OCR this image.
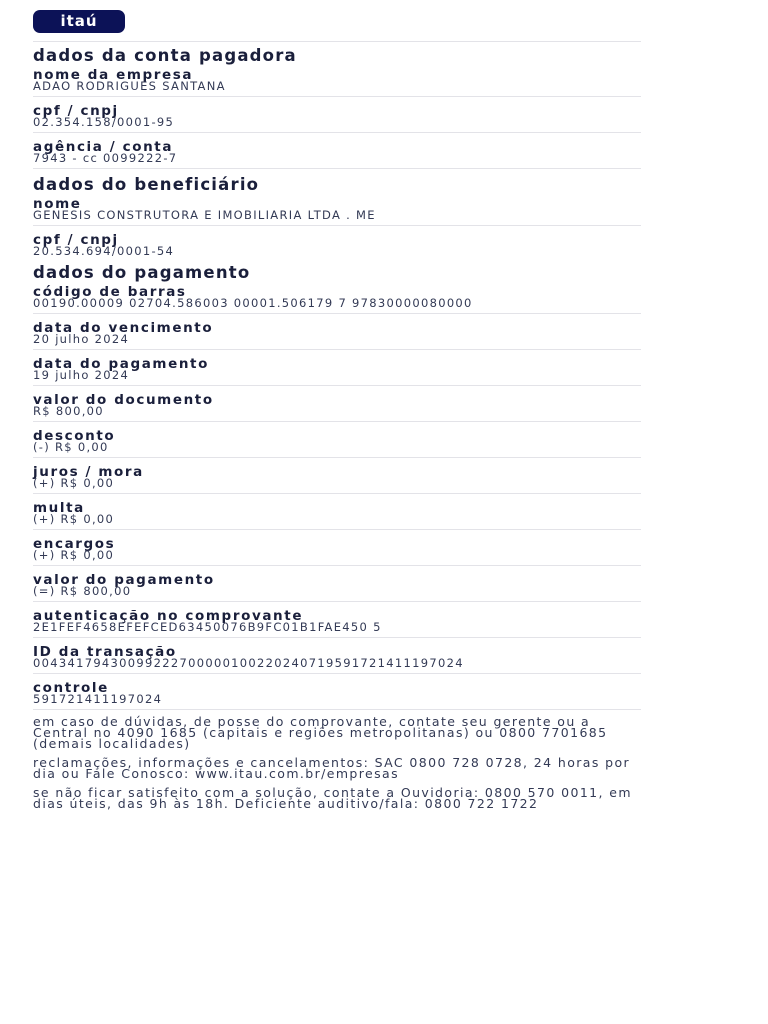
itaú
dados da conta pagadora
nome da empresa
ADAO RODRIGUES SANTANA
cpf / cnpj
02.354.158/0001-95
agência / conta
7943 - cc 0099222-7
dados do beneficiário
nome
GENESIS CONSTRUTORA E IMOBILIARIA LTDA . ME
cpf / cnpj
20.534.694/0001-54
dados do pagamento
código de barras
00190.00009 02704.586003 00001.506179 7 97830000080000
data do vencimento
20 julho 2024
data do pagamento
19 julho 2024
valor do documento
R$ 800,00
desconto
(-) R$ 0,00
juros / mora
(+) R$ 0,00
multa
(+) R$ 0,00
encargos
(+) R$ 0,00
valor do pagamento
(=) R$ 800,00
autenticação no comprovante
2E1FEF4658EFEFCED63450076B9FC01B1FAE450 5
ID da transação
00434179430099222700000100220240719591721411197024
controle
591721411197024
em caso de dúvidas, de posse do comprovante, contate seu gerente ou a Central no 4090 1685 (capitais e regiões metropolitanas) ou 0800 7701685 (demais localidades)
reclamações, informações e cancelamentos: SAC 0800 728 0728, 24 horas por dia ou Fale Conosco: www.itau.com.br/empresas
se não ficar satisfeito com a solução, contate a Ouvidoria: 0800 570 0011, em dias úteis, das 9h às 18h. Deficiente auditivo/fala: 0800 722 1722
